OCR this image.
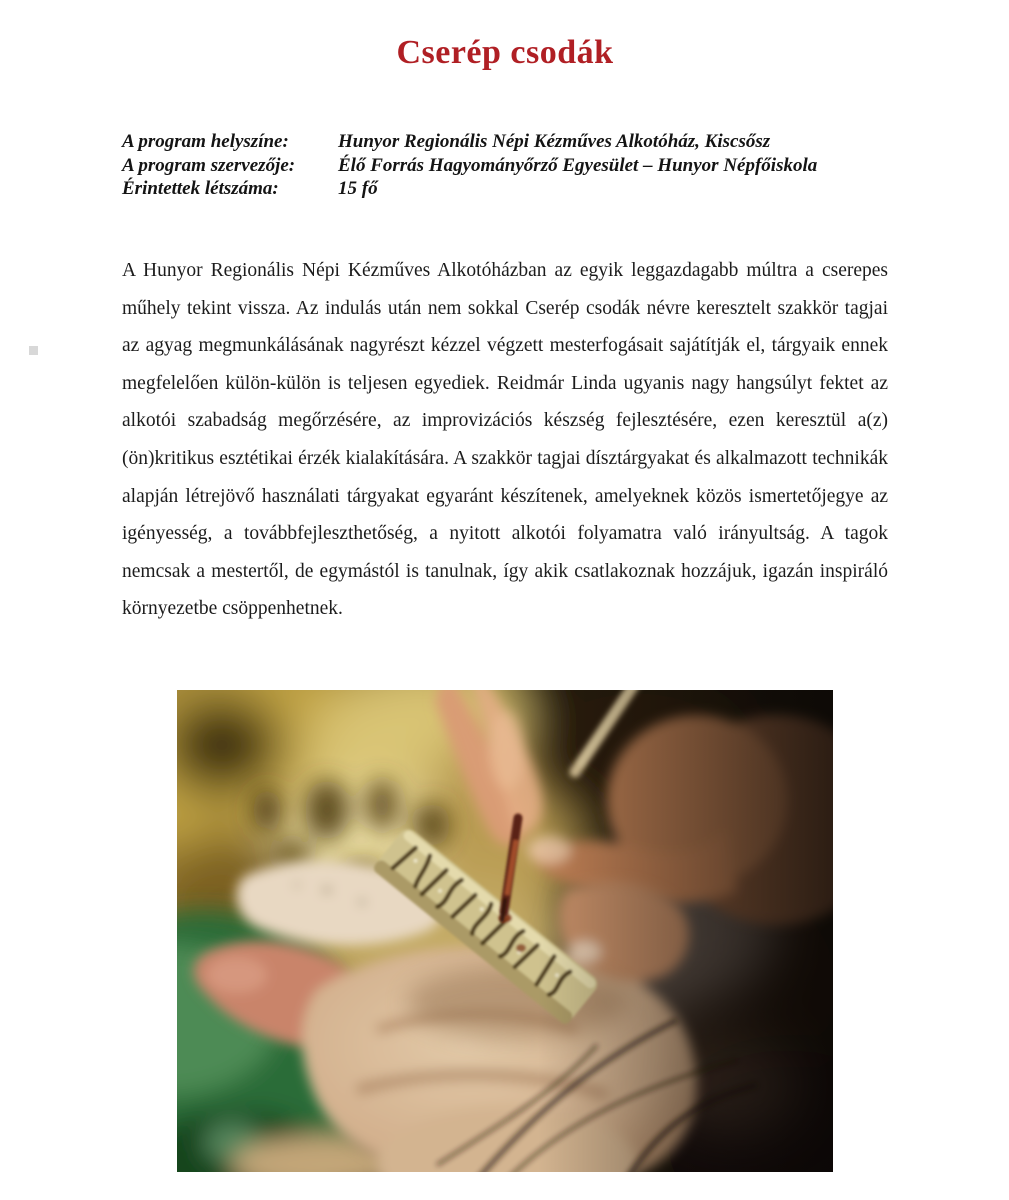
Cserép csodák
A program helyszíne:	Hunyor Regionális Népi Kézműves Alkotóház, Kiscsősz
A program szervezője:	Élő Forrás Hagyományőrző Egyesület – Hunyor Népfőiskola
Érintettek létszáma:	15 fő

A Hunyor Regionális Népi Kézműves Alkotóházban az egyik leggazdagabb múltra a cserepes műhely tekint vissza. Az indulás után nem sokkal Cserép csodák névre keresztelt szakkör tagjai az agyag megmunkálásának nagyrészt kézzel végzett mesterfogásait sajátítják el, tárgyaik ennek megfelelően külön-külön is teljesen egyediek. Reidmár Linda ugyanis nagy hangsúlyt fektet az alkotói szabadság megőrzésére, az improvizációs készség fejlesztésére, ezen keresztül a(z) (ön)kritikus esztétikai érzék kialakítására. A szakkör tagjai dísztárgyakat és alkalmazott technikák alapján létrejövő használati tárgyakat egyaránt készítenek, amelyeknek közös ismertetőjegye az igényesség, a továbbfejleszthetőség, a nyitott alkotói folyamatra való irányultság. A tagok nemcsak a mestertől, de egymástól is tanulnak, így akik csatlakoznak hozzájuk, igazán inspiráló környezetbe csöppenhetnek.
